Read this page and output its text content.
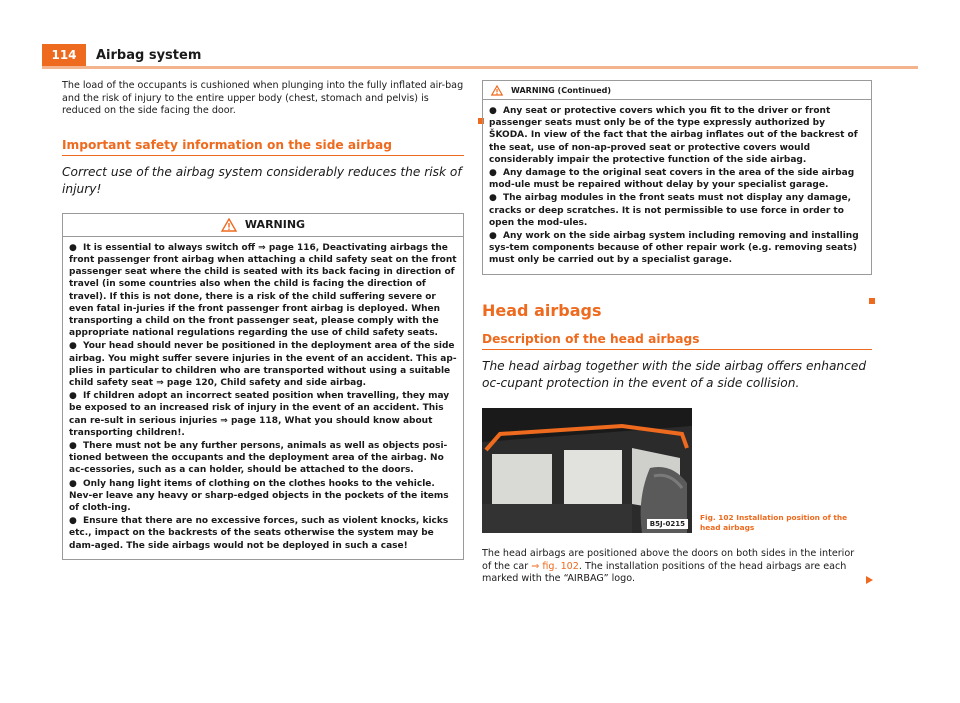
114	Airbag system

The load of the occupants is cushioned when plunging into the fully inflated air-bag and the risk of injury to the entire upper body (chest, stomach and pelvis) is reduced on the side facing the door.

Important safety information on the side airbag

Correct use of the airbag system considerably reduces the risk of injury!

WARNING

● It is essential to always switch off ⇒ page 116, Deactivating airbags the front passenger front airbag when attaching a child safety seat on the front passenger seat where the child is seated with its back facing in direction of travel (in some countries also when the child is facing the direction of travel). If this is not done, there is a risk of the child suffering severe or even fatal in-juries if the front passenger front airbag is deployed. When transporting a child on the front passenger seat, please comply with the appropriate national regulations regarding the use of child safety seats.

● Your head should never be positioned in the deployment area of the side airbag. You might suffer severe injuries in the event of an accident. This ap-plies in particular to children who are transported without using a suitable child safety seat ⇒ page 120, Child safety and side airbag.

● If children adopt an incorrect seated position when travelling, they may be exposed to an increased risk of injury in the event of an accident. This can re-sult in serious injuries ⇒ page 118, What you should know about transporting children!.

● There must not be any further persons, animals as well as objects posi-tioned between the occupants and the deployment area of the airbag. No ac-cessories, such as a can holder, should be attached to the doors.

● Only hang light items of clothing on the clothes hooks to the vehicle. Nev-er leave any heavy or sharp-edged objects in the pockets of the items of cloth-ing.

● Ensure that there are no excessive forces, such as violent knocks, kicks etc., impact on the backrests of the seats otherwise the system may be dam-aged. The side airbags would not be deployed in such a case!

WARNING (Continued)

● Any seat or protective covers which you fit to the driver or front passenger seats must only be of the type expressly authorized by ŠKODA. In view of the fact that the airbag inflates out of the backrest of the seat, use of non-ap-proved seat or protective covers would considerably impair the protective function of the side airbag.

● Any damage to the original seat covers in the area of the side airbag mod-ule must be repaired without delay by your specialist garage.

● The airbag modules in the front seats must not display any damage, cracks or deep scratches. It is not permissible to use force in order to open the mod-ules.

● Any work on the side airbag system including removing and installing sys-tem components because of other repair work (e.g. removing seats) must only be carried out by a specialist garage.

Head airbags
Description of the head airbags

The head airbag together with the side airbag offers enhanced oc-cupant protection in the event of a side collision.

B5J-0215
Fig. 102 Installation position of the
head airbags

The head airbags are positioned above the doors on both sides in the interior of the car ⇒ fig. 102. The installation positions of the head airbags are each marked with the “AIRBAG” logo.
